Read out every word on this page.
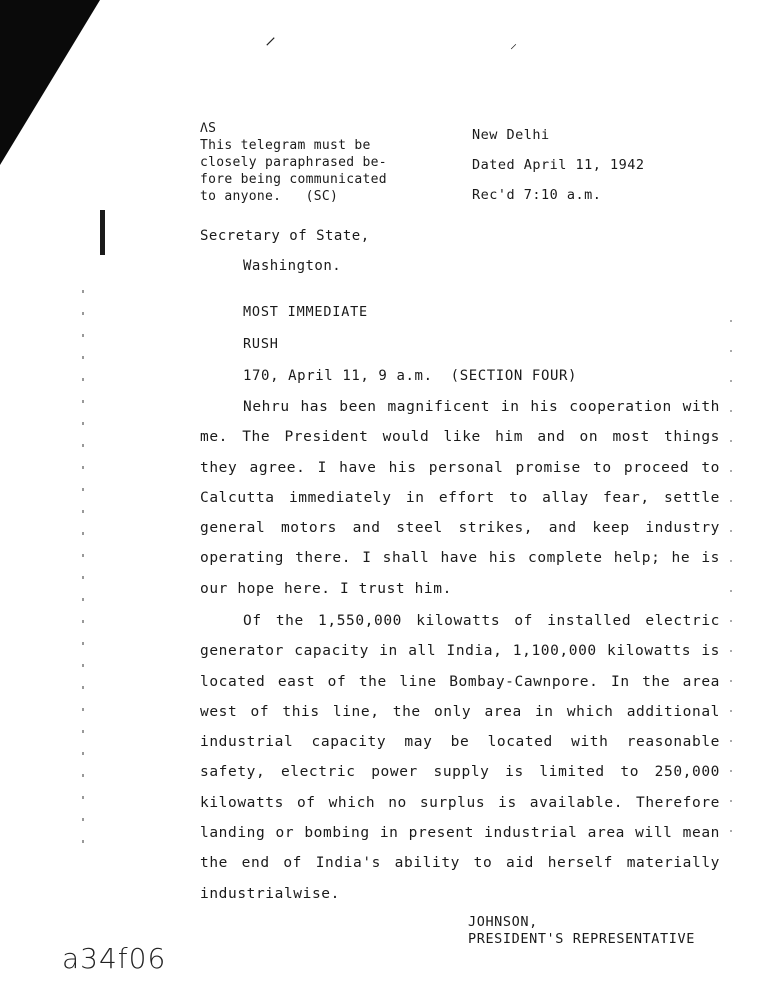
⸍	⸍
ΛS
This telegram must be
closely paraphrased be-
fore being communicated
to anyone.   (SC)
New Delhi
Dated April 11, 1942
Rec'd 7:10 a.m.
Secretary of State,
Washington.
MOST IMMEDIATE
RUSH
170, April 11, 9 a.m.  (SECTION FOUR)

Nehru has been magnificent in his cooperation with me. The President would like him and on most things they agree. I have his personal promise to proceed to Calcutta immediately in effort to allay fear, settle general motors and steel strikes, and keep industry operating there. I shall have his complete help; he is our hope here. I trust him.

Of the 1,550,000 kilowatts of installed electric generator capacity in all India, 1,100,000 kilowatts is located east of the line Bombay-Cawnpore. In the area west of this line, the only area in which additional industrial capacity may be located with reasonable safety, electric power supply is limited to 250,000 kilowatts of which no surplus is available. Therefore landing or bombing in present industrial area will mean the end of India's ability to aid herself materially industrialwise.

JOHNSON,
PRESIDENT'S REPRESENTATIVE
a34f06
